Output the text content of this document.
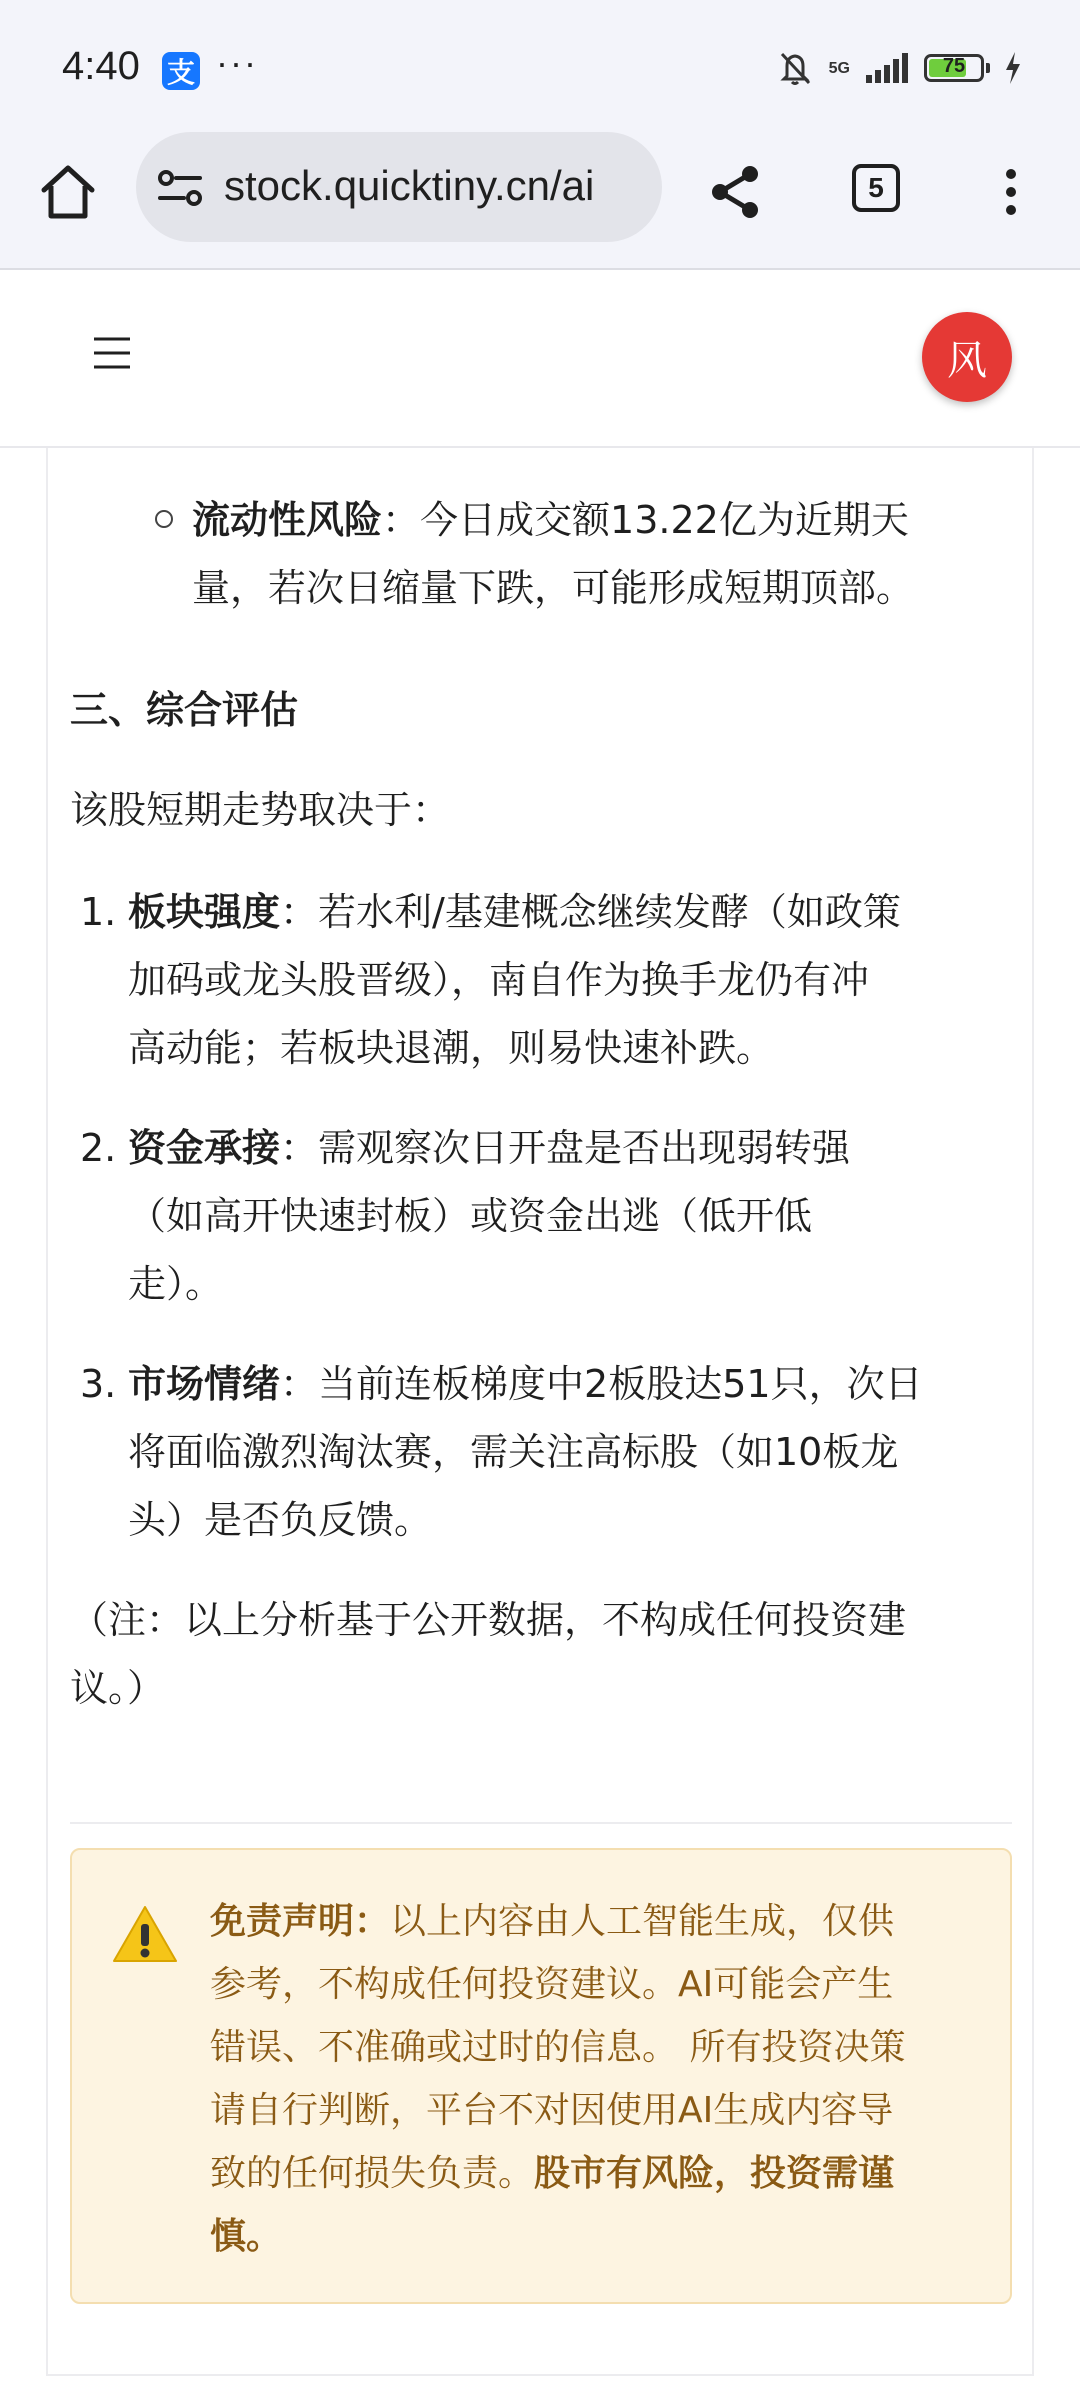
4:40 支 ···	5G	75
stock.quicktiny.cn/ai	5
风
流动性风险：今日成交额13.22亿为近期天
量，若次日缩量下跌，可能形成短期顶部。
三、综合评估
该股短期走势取决于：
1. 板块强度：若水利/基建概念继续发酵（如政策
加码或龙头股晋级），南自作为换手龙仍有冲
高动能；若板块退潮，则易快速补跌。
2. 资金承接：需观察次日开盘是否出现弱转强
（如高开快速封板）或资金出逃（低开低
走）。
3. 市场情绪：当前连板梯度中2板股达51只，次日
将面临激烈淘汰赛，需关注高标股（如10板龙
头）是否负反馈。
（注：以上分析基于公开数据，不构成任何投资建
议。）
免责声明：以上内容由人工智能生成，仅供
参考，不构成任何投资建议。AI可能会产生
错误、不准确或过时的信息。 所有投资决策
请自行判断，平台不对因使用AI生成内容导
致的任何损失负责。股市有风险，投资需谨
慎。
